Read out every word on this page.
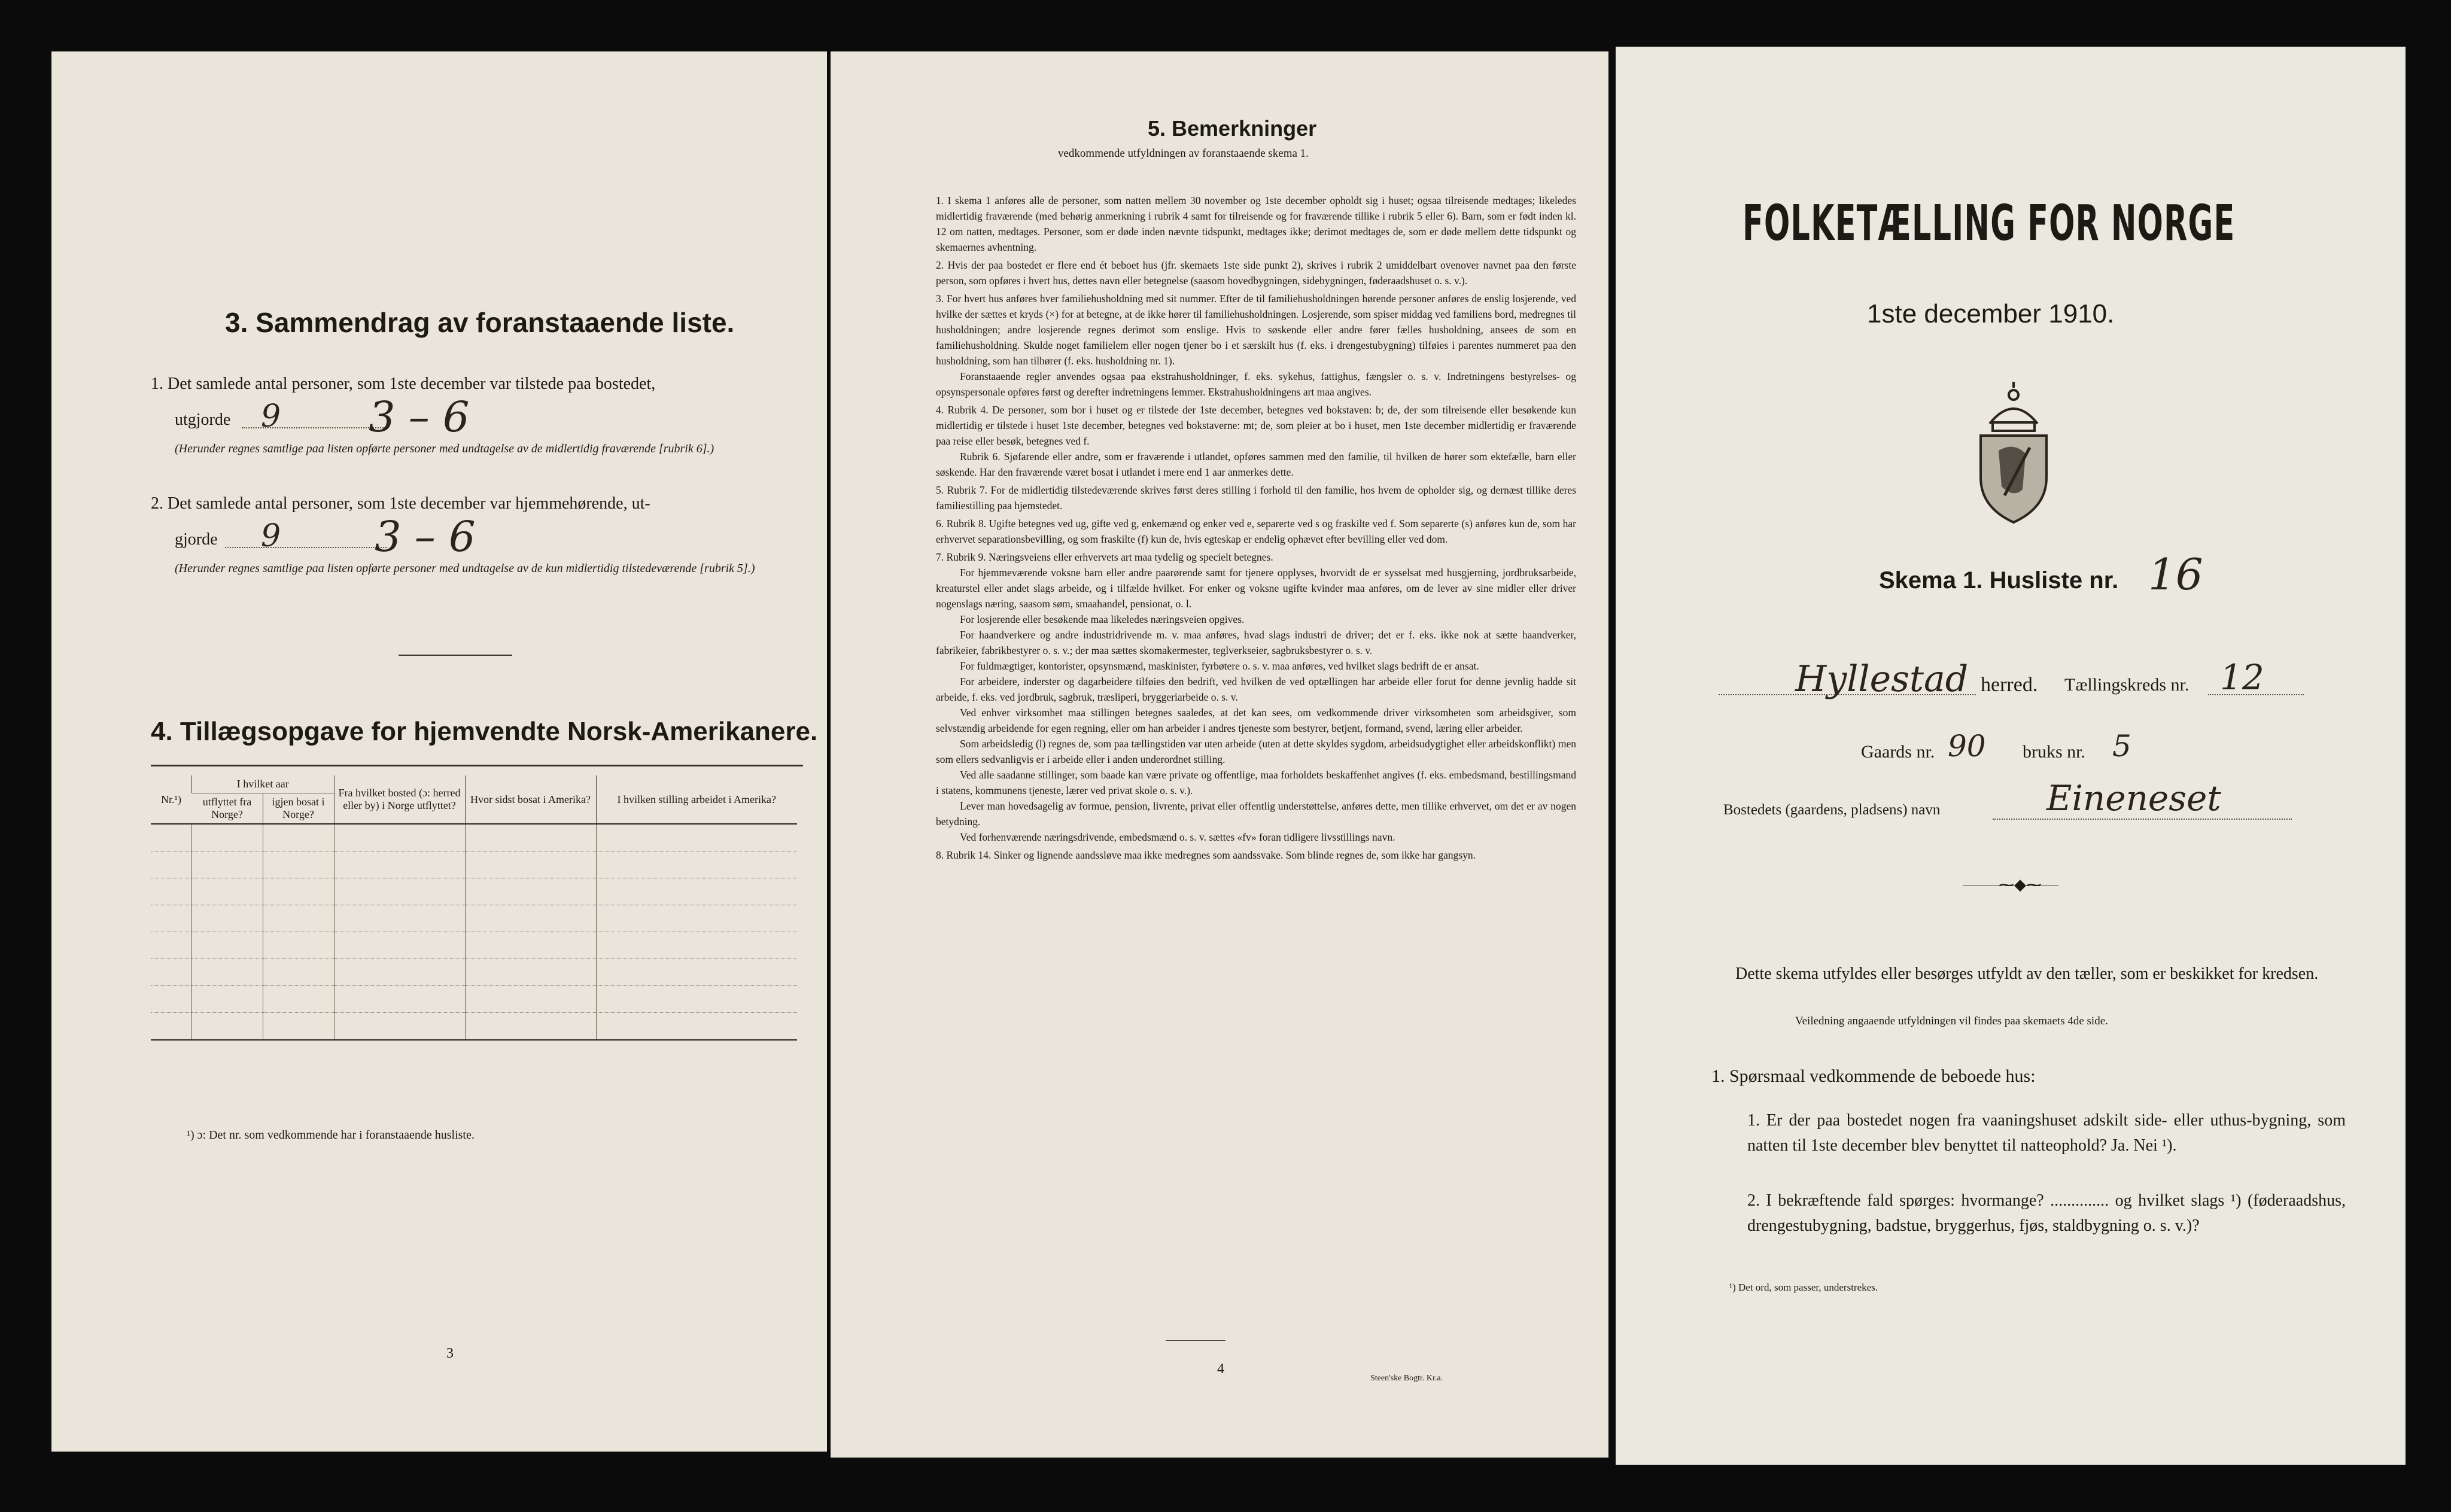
3. Sammendrag av foranstaaende liste.
1. Det samlede antal personer, som 1ste december var tilstede paa bostedet,
utgjorde 9 3 – 6
(Herunder regnes samtlige paa listen opførte personer med undtagelse av de midlertidig fraværende [rubrik 6].)
2. Det samlede antal personer, som 1ste december var hjemmehørende, ut-
gjorde 9 3 – 6
(Herunder regnes samtlige paa listen opførte personer med undtagelse av de kun midlertidig tilstedeværende [rubrik 5].)
4. Tillægsopgave for hjemvendte Norsk-Amerikanere.
Nr.¹)	I hvilket aar		Fra hvilket bosted (ɔ: herred eller by) i Norge utflyttet?	Hvor sidst bosat i Amerika?	I hvilken stilling arbeidet i Amerika?
	utflyttet fra Norge?	igjen bosat i Norge?			

¹) ɔ: Det nr. som vedkommende har i foranstaaende husliste.
3
5. Bemerkninger
vedkommende utfyldningen av foranstaaende skema 1.

1. I skema 1 anføres alle de personer, som natten mellem 30 november og 1ste december opholdt sig i huset; ogsaa tilreisende medtages; likeledes midlertidig fraværende (med behørig anmerkning i rubrik 4 samt for tilreisende og for fraværende tillike i rubrik 5 eller 6). Barn, som er født inden kl. 12 om natten, medtages. Personer, som er døde inden nævnte tidspunkt, medtages ikke; derimot medtages de, som er døde mellem dette tidspunkt og skemaernes avhentning.

2. Hvis der paa bostedet er flere end ét beboet hus (jfr. skemaets 1ste side punkt 2), skrives i rubrik 2 umiddelbart ovenover navnet paa den første person, som opføres i hvert hus, dettes navn eller betegnelse (saasom hovedbygningen, sidebygningen, føderaadshuset o. s. v.).

3. For hvert hus anføres hver familiehusholdning med sit nummer. Efter de til familiehusholdningen hørende personer anføres de enslig losjerende, ved hvilke der sættes et kryds (×) for at betegne, at de ikke hører til familiehusholdningen. Losjerende, som spiser middag ved familiens bord, medregnes til husholdningen; andre losjerende regnes derimot som enslige. Hvis to søskende eller andre fører fælles husholdning, ansees de som en familiehusholdning. Skulde noget familielem eller nogen tjener bo i et særskilt hus (f. eks. i drengestubygning) tilføies i parentes nummeret paa den husholdning, som han tilhører (f. eks. husholdning nr. 1).

Foranstaaende regler anvendes ogsaa paa ekstrahusholdninger, f. eks. sykehus, fattighus, fængsler o. s. v. Indretningens bestyrelses- og opsynspersonale opføres først og derefter indretningens lemmer. Ekstrahusholdningens art maa angives.

4. Rubrik 4. De personer, som bor i huset og er tilstede der 1ste december, betegnes ved bokstaven: b; de, der som tilreisende eller besøkende kun midlertidig er tilstede i huset 1ste december, betegnes ved bokstaverne: mt; de, som pleier at bo i huset, men 1ste december midlertidig er fraværende paa reise eller besøk, betegnes ved f.

Rubrik 6. Sjøfarende eller andre, som er fraværende i utlandet, opføres sammen med den familie, til hvilken de hører som ektefælle, barn eller søskende. Har den fraværende været bosat i utlandet i mere end 1 aar anmerkes dette.

5. Rubrik 7. For de midlertidig tilstedeværende skrives først deres stilling i forhold til den familie, hos hvem de opholder sig, og dernæst tillike deres familiestilling paa hjemstedet.

6. Rubrik 8. Ugifte betegnes ved ug, gifte ved g, enkemænd og enker ved e, separerte ved s og fraskilte ved f. Som separerte (s) anføres kun de, som har erhvervet separationsbevilling, og som fraskilte (f) kun de, hvis egteskap er endelig ophævet efter bevilling eller ved dom.

7. Rubrik 9. Næringsveiens eller erhvervets art maa tydelig og specielt betegnes.

For hjemmeværende voksne barn eller andre paarørende samt for tjenere opplyses, hvorvidt de er sysselsat med husgjerning, jordbruksarbeide, kreaturstel eller andet slags arbeide, og i tilfælde hvilket. For enker og voksne ugifte kvinder maa anføres, om de lever av sine midler eller driver nogenslags næring, saasom søm, smaahandel, pensionat, o. l.

For losjerende eller besøkende maa likeledes næringsveien opgives.

For haandverkere og andre industridrivende m. v. maa anføres, hvad slags industri de driver; det er f. eks. ikke nok at sætte haandverker, fabrikeier, fabrikbestyrer o. s. v.; der maa sættes skomakermester, teglverkseier, sagbruksbestyrer o. s. v.

For fuldmægtiger, kontorister, opsynsmænd, maskinister, fyrbøtere o. s. v. maa anføres, ved hvilket slags bedrift de er ansat.

For arbeidere, inderster og dagarbeidere tilføies den bedrift, ved hvilken de ved optællingen har arbeide eller forut for denne jevnlig hadde sit arbeide, f. eks. ved jordbruk, sagbruk, træsliperi, bryggeriarbeide o. s. v.

Ved enhver virksomhet maa stillingen betegnes saaledes, at det kan sees, om vedkommende driver virksomheten som arbeidsgiver, som selvstændig arbeidende for egen regning, eller om han arbeider i andres tjeneste som bestyrer, betjent, formand, svend, læring eller arbeider.

Som arbeidsledig (l) regnes de, som paa tællingstiden var uten arbeide (uten at dette skyldes sygdom, arbeidsudygtighet eller arbeidskonflikt) men som ellers sedvanligvis er i arbeide eller i anden underordnet stilling.

Ved alle saadanne stillinger, som baade kan være private og offentlige, maa forholdets beskaffenhet angives (f. eks. embedsmand, bestillingsmand i statens, kommunens tjeneste, lærer ved privat skole o. s. v.).

Lever man hovedsagelig av formue, pension, livrente, privat eller offentlig understøttelse, anføres dette, men tillike erhvervet, om det er av nogen betydning.

Ved forhenværende næringsdrivende, embedsmænd o. s. v. sættes «fv» foran tidligere livsstillings navn.

8. Rubrik 14. Sinker og lignende aandssløve maa ikke medregnes som aandssvake. Som blinde regnes de, som ikke har gangsyn.

4
Steen'ske Bogtr. Kr.a.
FOLKETÆLLING FOR NORGE
1ste december 1910.
Skema 1. Husliste nr. 16
Hyllestad herred. Tællingskreds nr. 12
Gaards nr. 90 bruks nr. 5
Bostedets (gaardens, pladsens) navn	Eineneset
⁓◆⁓
Dette skema utfyldes eller besørges utfyldt av den tæller, som er beskikket for kredsen.
Veiledning angaaende utfyldningen vil findes paa skemaets 4de side.
1. Spørsmaal vedkommende de beboede hus:
1. Er der paa bostedet nogen fra vaaningshuset adskilt side- eller uthus-bygning, som natten til 1ste december blev benyttet til natteophold? Ja. Nei ¹).
2. I bekræftende fald spørges: hvormange? .............. og hvilket slags ¹) (føderaadshus, drengestubygning, badstue, bryggerhus, fjøs, staldbygning o. s. v.)?
¹) Det ord, som passer, understrekes.
